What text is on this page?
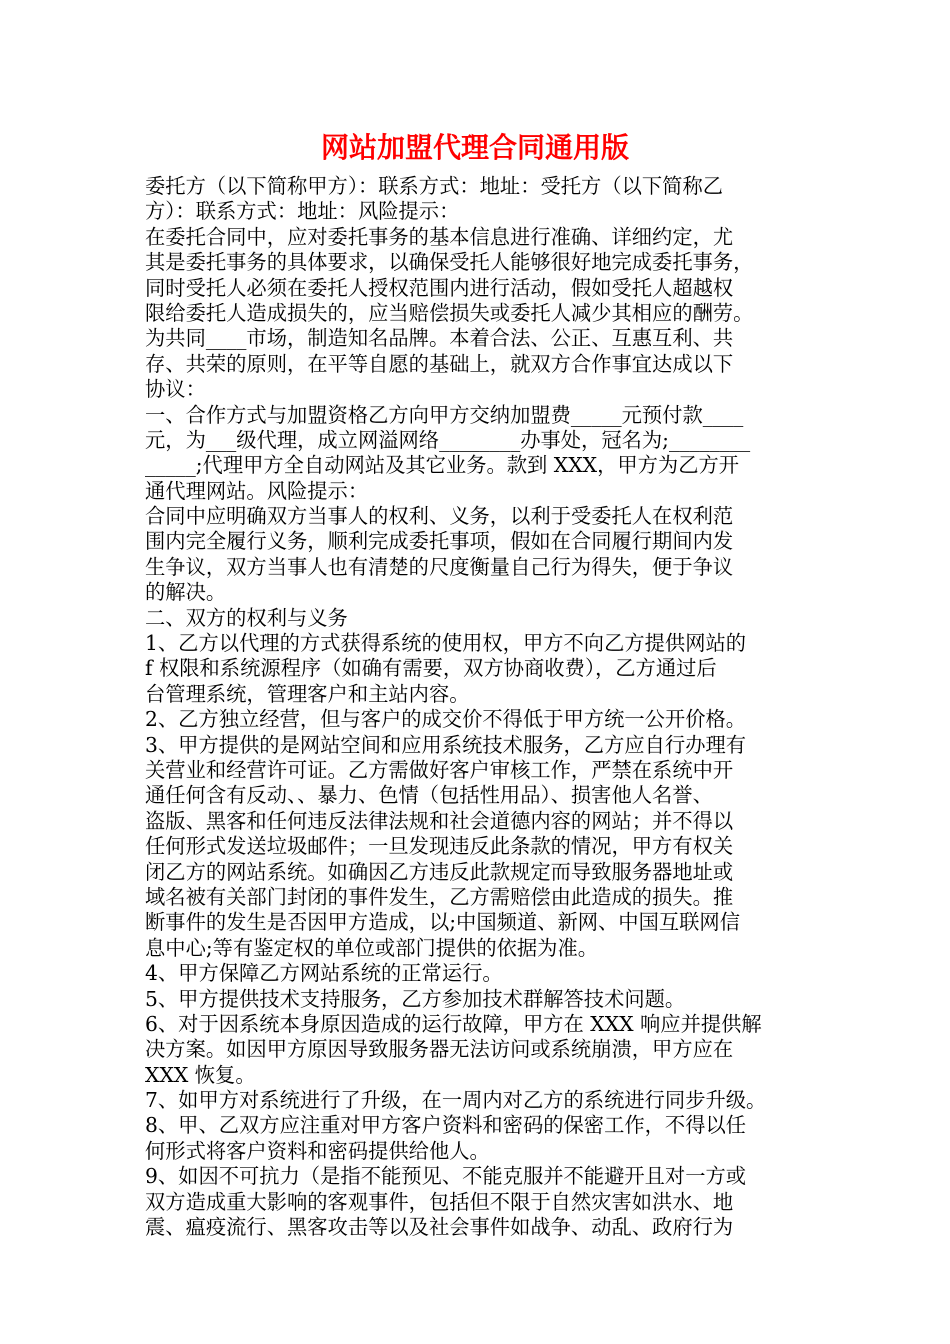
网站加盟代理合同通用版
委托方（以下简称甲方）：联系方式：地址：受托方（以下简称乙
方）：联系方式：地址：风险提示：
在委托合同中，应对委托事务的基本信息进行准确、详细约定，尤
其是委托事务的具体要求，以确保受托人能够很好地完成委托事务，
同时受托人必须在委托人授权范围内进行活动，假如受托人超越权
限给委托人造成损失的，应当赔偿损失或委托人减少其相应的酬劳。
为共同____市场，制造知名品牌。本着合法、公正、互惠互利、共
存、共荣的原则，在平等自愿的基础上，就双方合作事宜达成以下
协议：
一、合作方式与加盟资格乙方向甲方交纳加盟费_____元预付款____
元，为___级代理，成立网溢网络________办事处，冠名为;________
_____;代理甲方全自动网站及其它业务。款到 XXX，甲方为乙方开
通代理网站。风险提示：
合同中应明确双方当事人的权利、义务，以利于受委托人在权利范
围内完全履行义务，顺利完成委托事项，假如在合同履行期间内发
生争议，双方当事人也有清楚的尺度衡量自己行为得失，便于争议
的解决。
二、双方的权利与义务
1、乙方以代理的方式获得系统的使用权，甲方不向乙方提供网站的
f 权限和系统源程序（如确有需要，双方协商收费），乙方通过后
台管理系统，管理客户和主站内容。
2、乙方独立经营，但与客户的成交价不得低于甲方统一公开价格。
3、甲方提供的是网站空间和应用系统技术服务，乙方应自行办理有
关营业和经营许可证。乙方需做好客户审核工作，严禁在系统中开
通任何含有反动、、暴力、色情（包括性用品）、损害他人名誉、
盗版、黑客和任何违反法律法规和社会道德内容的网站；并不得以
任何形式发送垃圾邮件；一旦发现违反此条款的情况，甲方有权关
闭乙方的网站系统。如确因乙方违反此款规定而导致服务器地址或
域名被有关部门封闭的事件发生，乙方需赔偿由此造成的损失。推
断事件的发生是否因甲方造成，以;中国频道、新网、中国互联网信
息中心;等有鉴定权的单位或部门提供的依据为准。
4、甲方保障乙方网站系统的正常运行。
5、甲方提供技术支持服务，乙方参加技术群解答技术问题。
6、对于因系统本身原因造成的运行故障，甲方在 XXX 响应并提供解
决方案。如因甲方原因导致服务器无法访问或系统崩溃，甲方应在
XXX 恢复。
7、如甲方对系统进行了升级，在一周内对乙方的系统进行同步升级。
8、甲、乙双方应注重对甲方客户资料和密码的保密工作，不得以任
何形式将客户资料和密码提供给他人。
9、如因不可抗力（是指不能预见、不能克服并不能避开且对一方或
双方造成重大影响的客观事件，包括但不限于自然灾害如洪水、地
震、瘟疫流行、黑客攻击等以及社会事件如战争、动乱、政府行为
